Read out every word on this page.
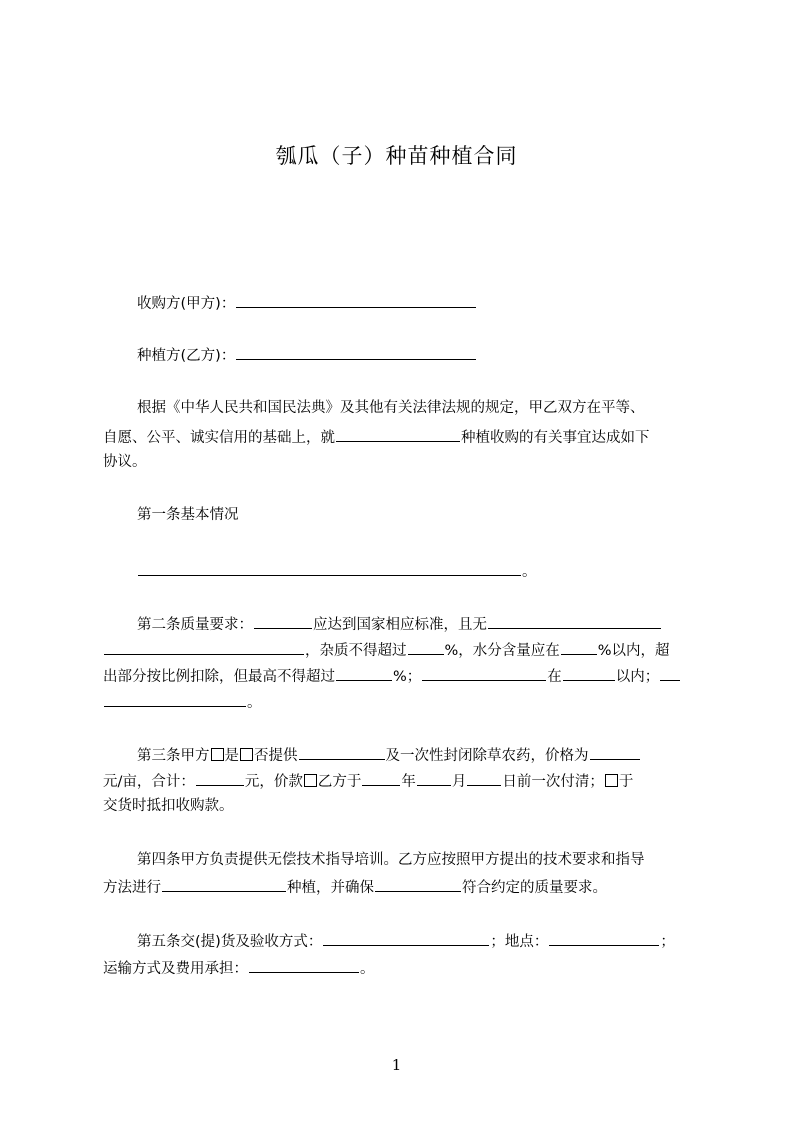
瓠瓜（子）种苗种植合同
收购方(甲方)：
种植方(乙方)：
根据《中华人民共和国民法典》及其他有关法律法规的规定，甲乙双方在平等、
自愿、公平、诚实信用的基础上，就	种植收购的有关事宜达成如下
协议。
第一条基本情况
。
第二条质量要求：	应达到国家相应标准，且无
，杂质不得超过	%，水分含量应在	%以内，超
出部分按比例扣除，但最高不得超过	%；	在	以内；
。
第三条甲方 是 否提供	及一次性封闭除草农药，价格为
元/亩，合计：	元，价款 乙方于	年 月 日前一次付清； 于
交货时抵扣收购款。
第四条甲方负责提供无偿技术指导培训。乙方应按照甲方提出的技术要求和指导
方法进行	种植，并确保	符合约定的质量要求。
第五条交(提)货及验收方式：	；地点：	；
运输方式及费用承担：	。
1
